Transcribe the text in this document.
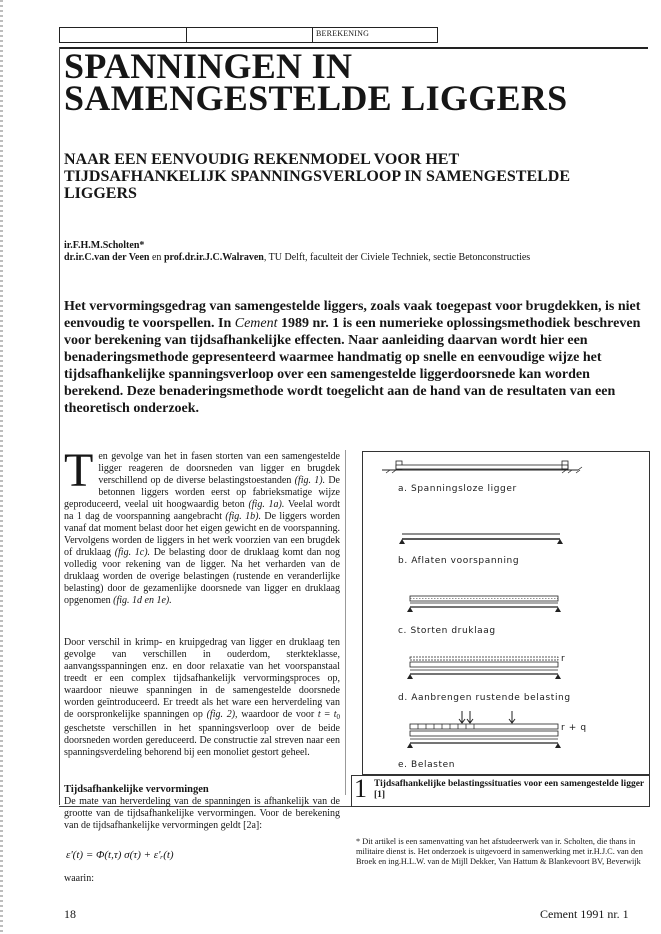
BEREKENING
SPANNINGEN IN SAMENGESTELDE LIGGERS
NAAR EEN EENVOUDIG REKENMODEL VOOR HET TIJDSAFHANKELIJK SPANNINGSVERLOOP IN SAMENGESTELDE LIGGERS
ir.F.H.M.Scholten*
dr.ir.C.van der Veen en prof.dr.ir.J.C.Walraven, TU Delft, faculteit der Civiele Techniek, sectie Betonconstructies

Het vervormingsgedrag van samengestelde liggers, zoals vaak toegepast voor brugdekken, is niet eenvoudig te voorspellen. In Cement 1989 nr. 1 is een numerieke oplossingsmethodiek beschreven voor berekening van tijdsafhankelijke effecten. Naar aanleiding daarvan wordt hier een benaderingsmethode gepresenteerd waarmee handmatig op snelle en eenvoudige wijze het tijdsafhankelijke spanningsverloop over een samengestelde liggerdoorsnede kan worden berekend. Deze benaderingsmethode wordt toegelicht aan de hand van de resultaten van een theoretisch onderzoek.

Ten gevolge van het in fasen storten van een samengestelde ligger reageren de doorsneden van ligger en brugdek verschillend op de diverse belastingstoestanden (fig. 1). De betonnen liggers worden eerst op fabrieksmatige wijze geproduceerd, veelal uit hoogwaardig beton (fig. 1a). Veelal wordt na 1 dag de voorspanning aangebracht (fig. 1b). De liggers worden vanaf dat moment belast door het eigen gewicht en de voorspanning. Vervolgens worden de liggers in het werk voorzien van een brugdek of druklaag (fig. 1c). De belasting door de druklaag komt dan nog volledig voor rekening van de ligger. Na het verharden van de druklaag worden de overige belastingen (rustende en veranderlijke belasting) door de gezamenlijke doorsnede van ligger en druklaag opgenomen (fig. 1d en 1e).

Door verschil in krimp- en kruipgedrag van ligger en druklaag ten gevolge van verschillen in ouderdom, sterkteklasse, aanvangsspanningen enz. en door relaxatie van het voorspanstaal treedt er een complex tijdsafhankelijk vervormingsproces op, waardoor nieuwe spanningen in de samengestelde doorsnede worden geïntroduceerd. Er treedt als het ware een herverdeling van de oorspronkelijke spanningen op (fig. 2), waardoor de voor $t = t_0$ geschetste verschillen in het spanningsverloop over de beide doorsneden worden gereduceerd. De constructie zal streven naar een spanningsverdeling behorend bij een monoliet gestort geheel.

Tijdsafhankelijke vervormingen

De mate van herverdeling van de spanningen is afhankelijk van de grootte van de tijdsafhankelijke vervormingen. Voor de berekening van de tijdsafhankelijke vervormingen geldt [2a]:

ε'(t) = Φ(t,τ) σ(τ) + ε'ᵣ(t)
waarin:
a. Spanningsloze ligger
b. Aflaten voorspanning
c. Storten druklaag
r
d. Aanbrengen rustende belasting
r + q
e. Belasten
1 Tijdsafhankelijke belastingssituaties voor een samengestelde ligger [1]
* Dit artikel is een samenvatting van het afstudeerwerk van ir. Scholten, die thans in militaire dienst is. Het onderzoek is uitgevoerd in samenwerking met ir.H.J.C. van den Broek en ing.H.L.W. van de Mijll Dekker, Van Hattum & Blankevoort BV, Beverwijk
18	Cement 1991 nr. 1
